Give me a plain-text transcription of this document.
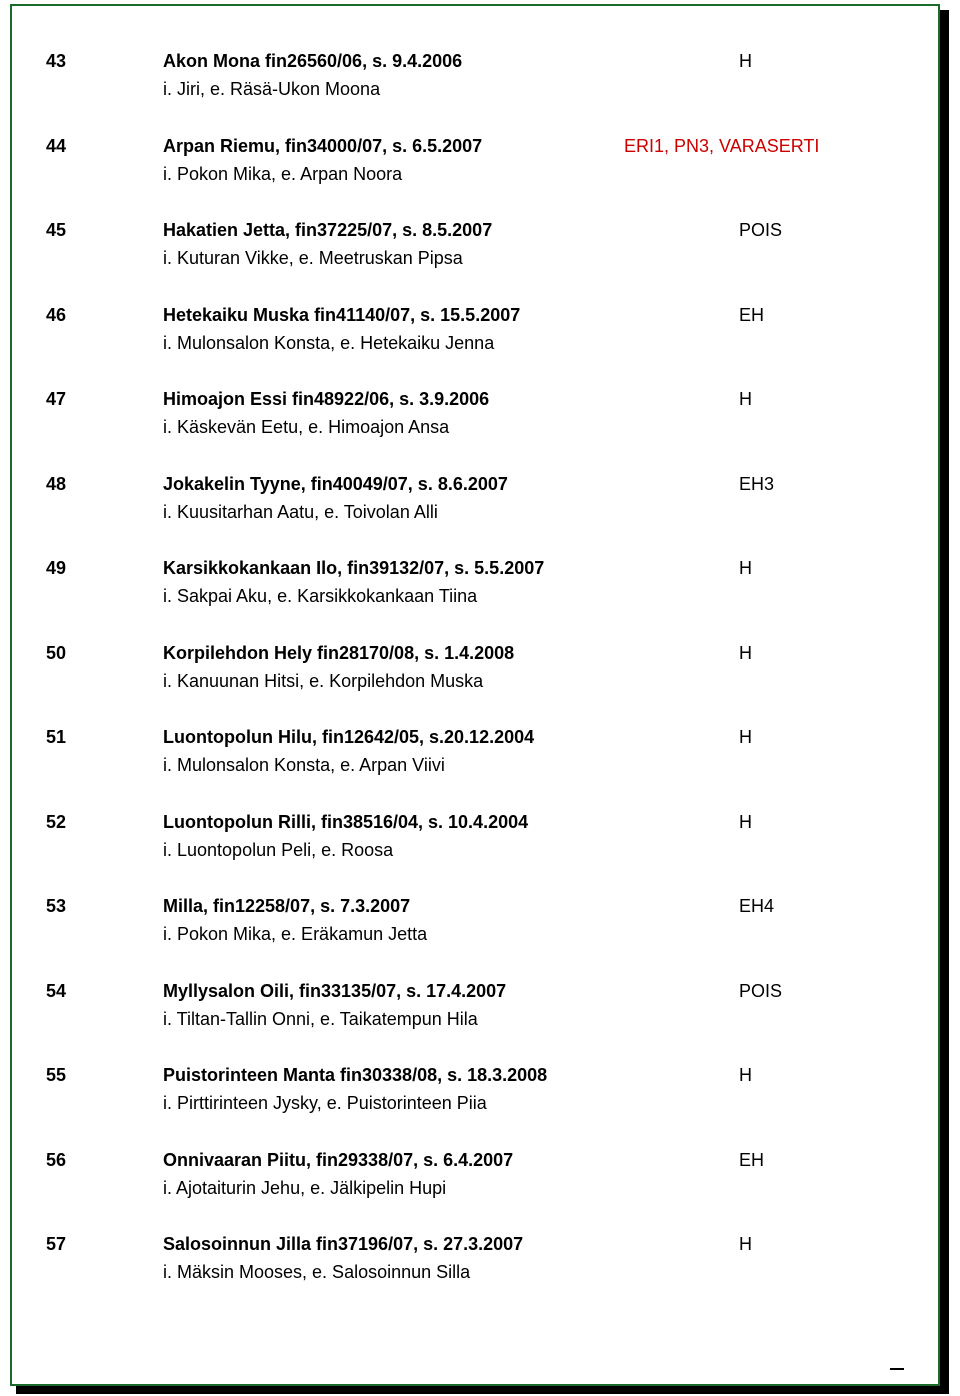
43	Akon Mona fin26560/06, s. 9.4.2006
i. Jiri, e. Räsä-Ukon Moona
H
44	Arpan Riemu, fin34000/07, s. 6.5.2007
i. Pokon Mika, e. Arpan Noora
ERI1, PN3, VARASERTI
45	Hakatien Jetta, fin37225/07, s. 8.5.2007
i. Kuturan Vikke, e. Meetruskan Pipsa
POIS
46	Hetekaiku Muska fin41140/07, s. 15.5.2007
i. Mulonsalon Konsta, e. Hetekaiku Jenna
EH
47	Himoajon Essi fin48922/06, s. 3.9.2006
i. Käskevän Eetu, e. Himoajon Ansa
H
48	Jokakelin Tyyne, fin40049/07, s. 8.6.2007
i. Kuusitarhan Aatu, e. Toivolan Alli
EH3
49	Karsikkokankaan Ilo, fin39132/07, s. 5.5.2007
i. Sakpai Aku, e. Karsikkokankaan Tiina
H
50	Korpilehdon Hely fin28170/08, s. 1.4.2008
i. Kanuunan Hitsi, e. Korpilehdon Muska
H
51	Luontopolun Hilu, fin12642/05, s.20.12.2004
i. Mulonsalon Konsta, e. Arpan Viivi
H
52	Luontopolun Rilli, fin38516/04, s. 10.4.2004
i. Luontopolun Peli, e. Roosa
H
53	Milla, fin12258/07, s. 7.3.2007
i. Pokon Mika, e. Eräkamun Jetta
EH4
54	Myllysalon Oili, fin33135/07, s. 17.4.2007
i. Tiltan-Tallin Onni, e. Taikatempun Hila
POIS
55	Puistorinteen Manta fin30338/08, s. 18.3.2008
i. Pirttirinteen Jysky, e. Puistorinteen Piia
H
56	Onnivaaran Piitu, fin29338/07, s. 6.4.2007
i. Ajotaiturin Jehu, e. Jälkipelin Hupi
EH
57	Salosoinnun Jilla fin37196/07, s. 27.3.2007
i. Mäksin Mooses, e. Salosoinnun Silla
H
